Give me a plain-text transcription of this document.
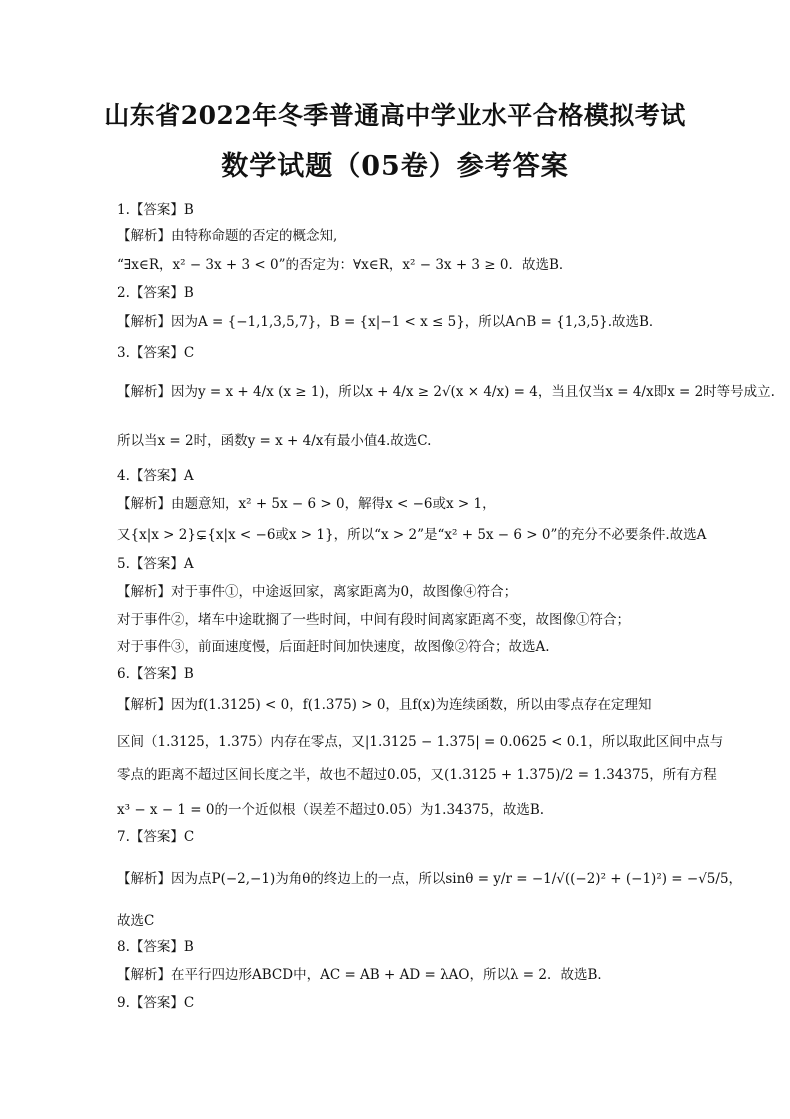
山东省2022年冬季普通高中学业水平合格模拟考试
数学试题（05卷）参考答案
1.【答案】B
【解析】由特称命题的否定的概念知,
“∃x∈R，x² − 3x + 3 < 0”的否定为：∀x∈R，x² − 3x + 3 ≥ 0．故选B．
2.【答案】B
【解析】因为A = {−1,1,3,5,7}，B = {x|−1 < x ≤ 5}，所以A∩B = {1,3,5}.故选B．
3.【答案】C
【解析】因为y = x + 4/x (x ≥ 1)，所以x + 4/x ≥ 2√(x × 4/x) = 4，当且仅当x = 4/x即x = 2时等号成立.
所以当x = 2时，函数y = x + 4/x有最小值4.故选C.
4.【答案】A
【解析】由题意知，x² + 5x − 6 > 0，解得x < −6或x > 1，
又{x|x > 2}⊊{x|x < −6或x > 1}，所以“x > 2”是“x² + 5x − 6 > 0”的充分不必要条件.故选A
5.【答案】A
【解析】对于事件①，中途返回家，离家距离为0，故图像④符合；
对于事件②，堵车中途耽搁了一些时间，中间有段时间离家距离不变，故图像①符合；
对于事件③，前面速度慢，后面赶时间加快速度，故图像②符合；故选A.
6.【答案】B
【解析】因为f(1.3125) < 0，f(1.375) > 0，且f(x)为连续函数，所以由零点存在定理知
区间（1.3125，1.375）内存在零点，又|1.3125 − 1.375| = 0.0625 < 0.1，所以取此区间中点与
零点的距离不超过区间长度之半，故也不超过0.05，又(1.3125 + 1.375)/2 = 1.34375，所有方程
x³ − x − 1 = 0的一个近似根（误差不超过0.05）为1.34375，故选B.
7.【答案】C
【解析】因为点P(−2,−1)为角θ的终边上的一点，所以sinθ = y/r = −1/√((−2)² + (−1)²) = −√5/5，
故选C
8.【答案】B
【解析】在平行四边形ABCD中，AC = AB + AD = λAO，所以λ = 2．故选B．
9.【答案】C
